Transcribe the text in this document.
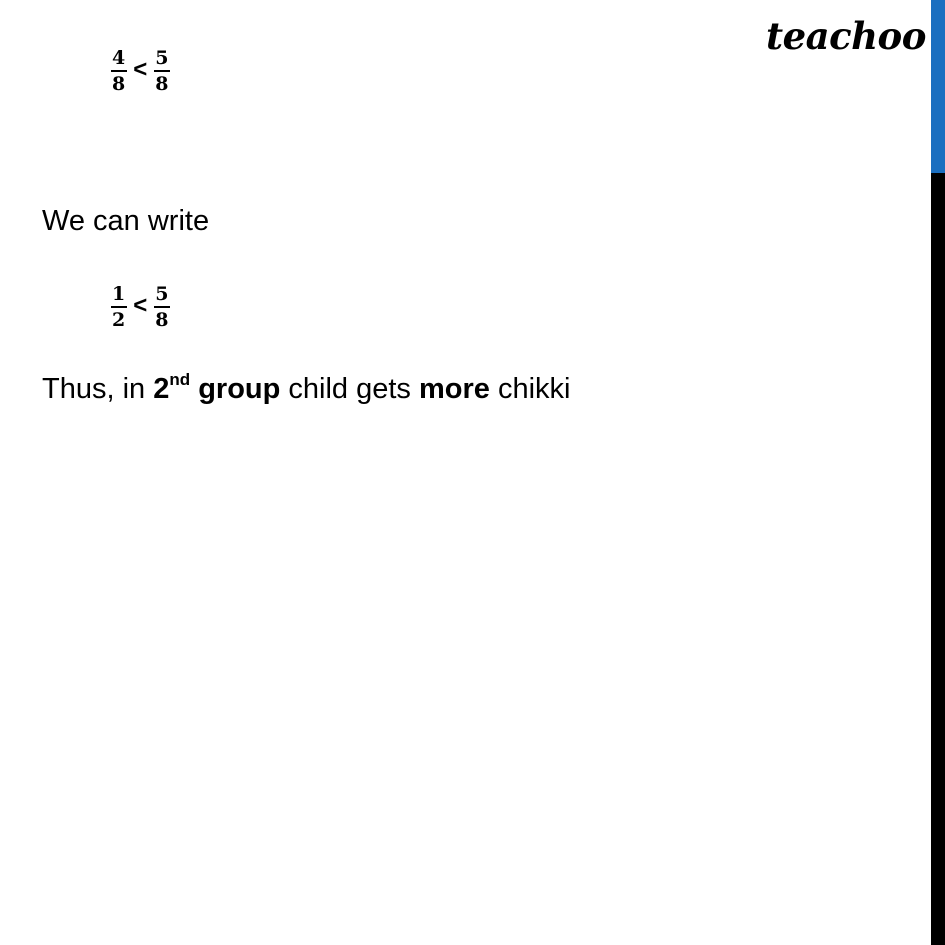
teachoo
$\frac{4}{8} < \frac{5}{8}$
We can write
$\frac{1}{2} < \frac{5}{8}$
Thus, in 2nd group child gets more chikki
